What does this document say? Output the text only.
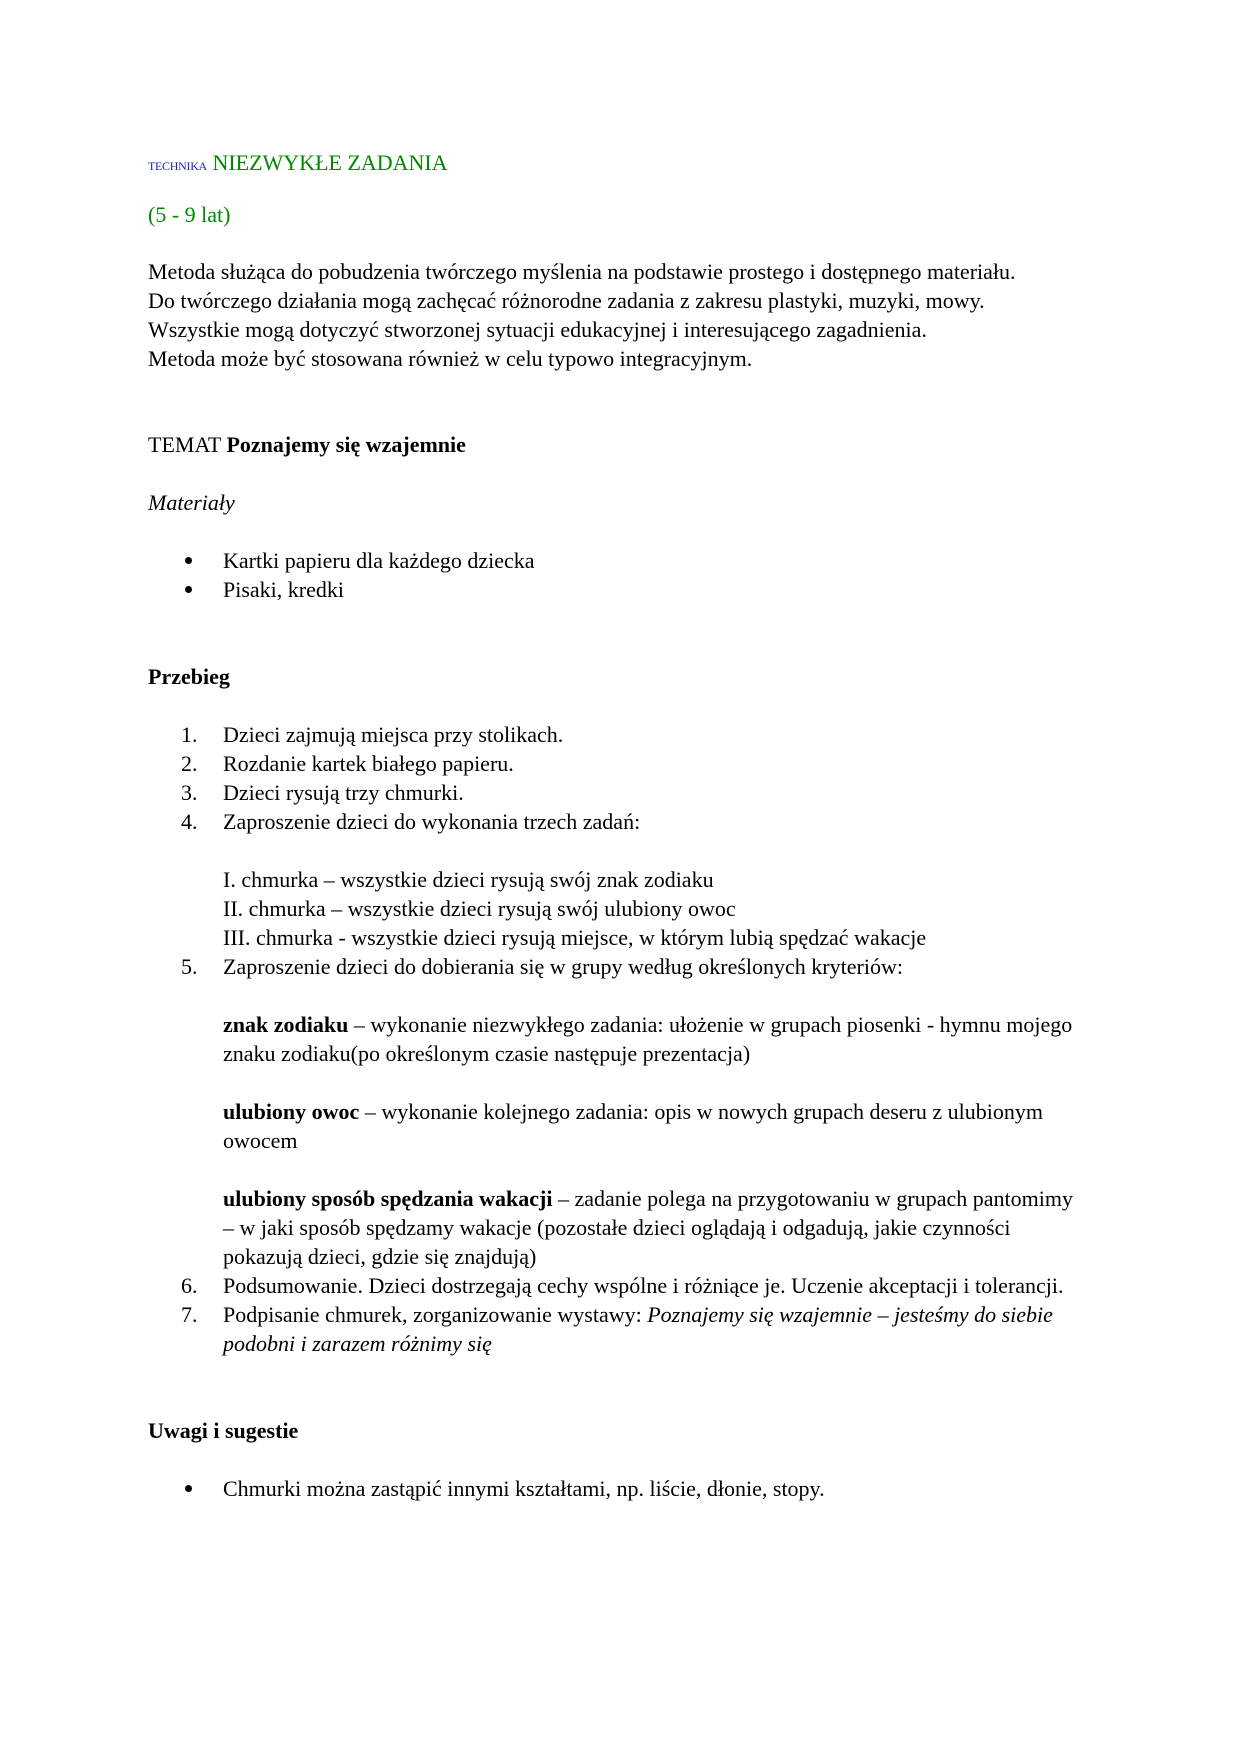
TECHNIKA NIEZWYKŁE ZADANIA
(5 - 9 lat)

Metoda służąca do pobudzenia twórczego myślenia na podstawie prostego i dostępnego materiału.

Do twórczego działania mogą zachęcać różnorodne zadania z zakresu plastyki, muzyki, mowy.

Wszystkie mogą dotyczyć stworzonej sytuacji edukacyjnej i interesującego zagadnienia.

Metoda może być stosowana również w celu typowo integracyjnym.

TEMAT Poznajemy się wzajemnie
Materiały
Kartki papieru dla każdego dziecka
Pisaki, kredki
Przebieg
1. Dzieci zajmują miejsca przy stolikach.
2. Rozdanie kartek białego papieru.
3. Dzieci rysują trzy chmurki.
4. Zaproszenie dzieci do wykonania trzech zadań:
I. chmurka – wszystkie dzieci rysują swój znak zodiaku
II. chmurka – wszystkie dzieci rysują swój ulubiony owoc
III. chmurka - wszystkie dzieci rysują miejsce, w którym lubią spędzać wakacje
5. Zaproszenie dzieci do dobierania się w grupy według określonych kryteriów:
znak zodiaku – wykonanie niezwykłego zadania: ułożenie w grupach piosenki - hymnu mojego znaku zodiaku(po określonym czasie następuje prezentacja)
ulubiony owoc – wykonanie kolejnego zadania: opis w nowych grupach deseru z ulubionym owocem
ulubiony sposób spędzania wakacji – zadanie polega na przygotowaniu w grupach pantomimy – w jaki sposób spędzamy wakacje (pozostałe dzieci oglądają i odgadują, jakie czynności pokazują dzieci, gdzie się znajdują)
6. Podsumowanie. Dzieci dostrzegają cechy wspólne i różniące je. Uczenie akceptacji i tolerancji.
7. Podpisanie chmurek, zorganizowanie wystawy: Poznajemy się wzajemnie – jesteśmy do siebie podobni i zarazem różnimy się
Uwagi i sugestie
Chmurki można zastąpić innymi kształtami, np. liście, dłonie, stopy.
